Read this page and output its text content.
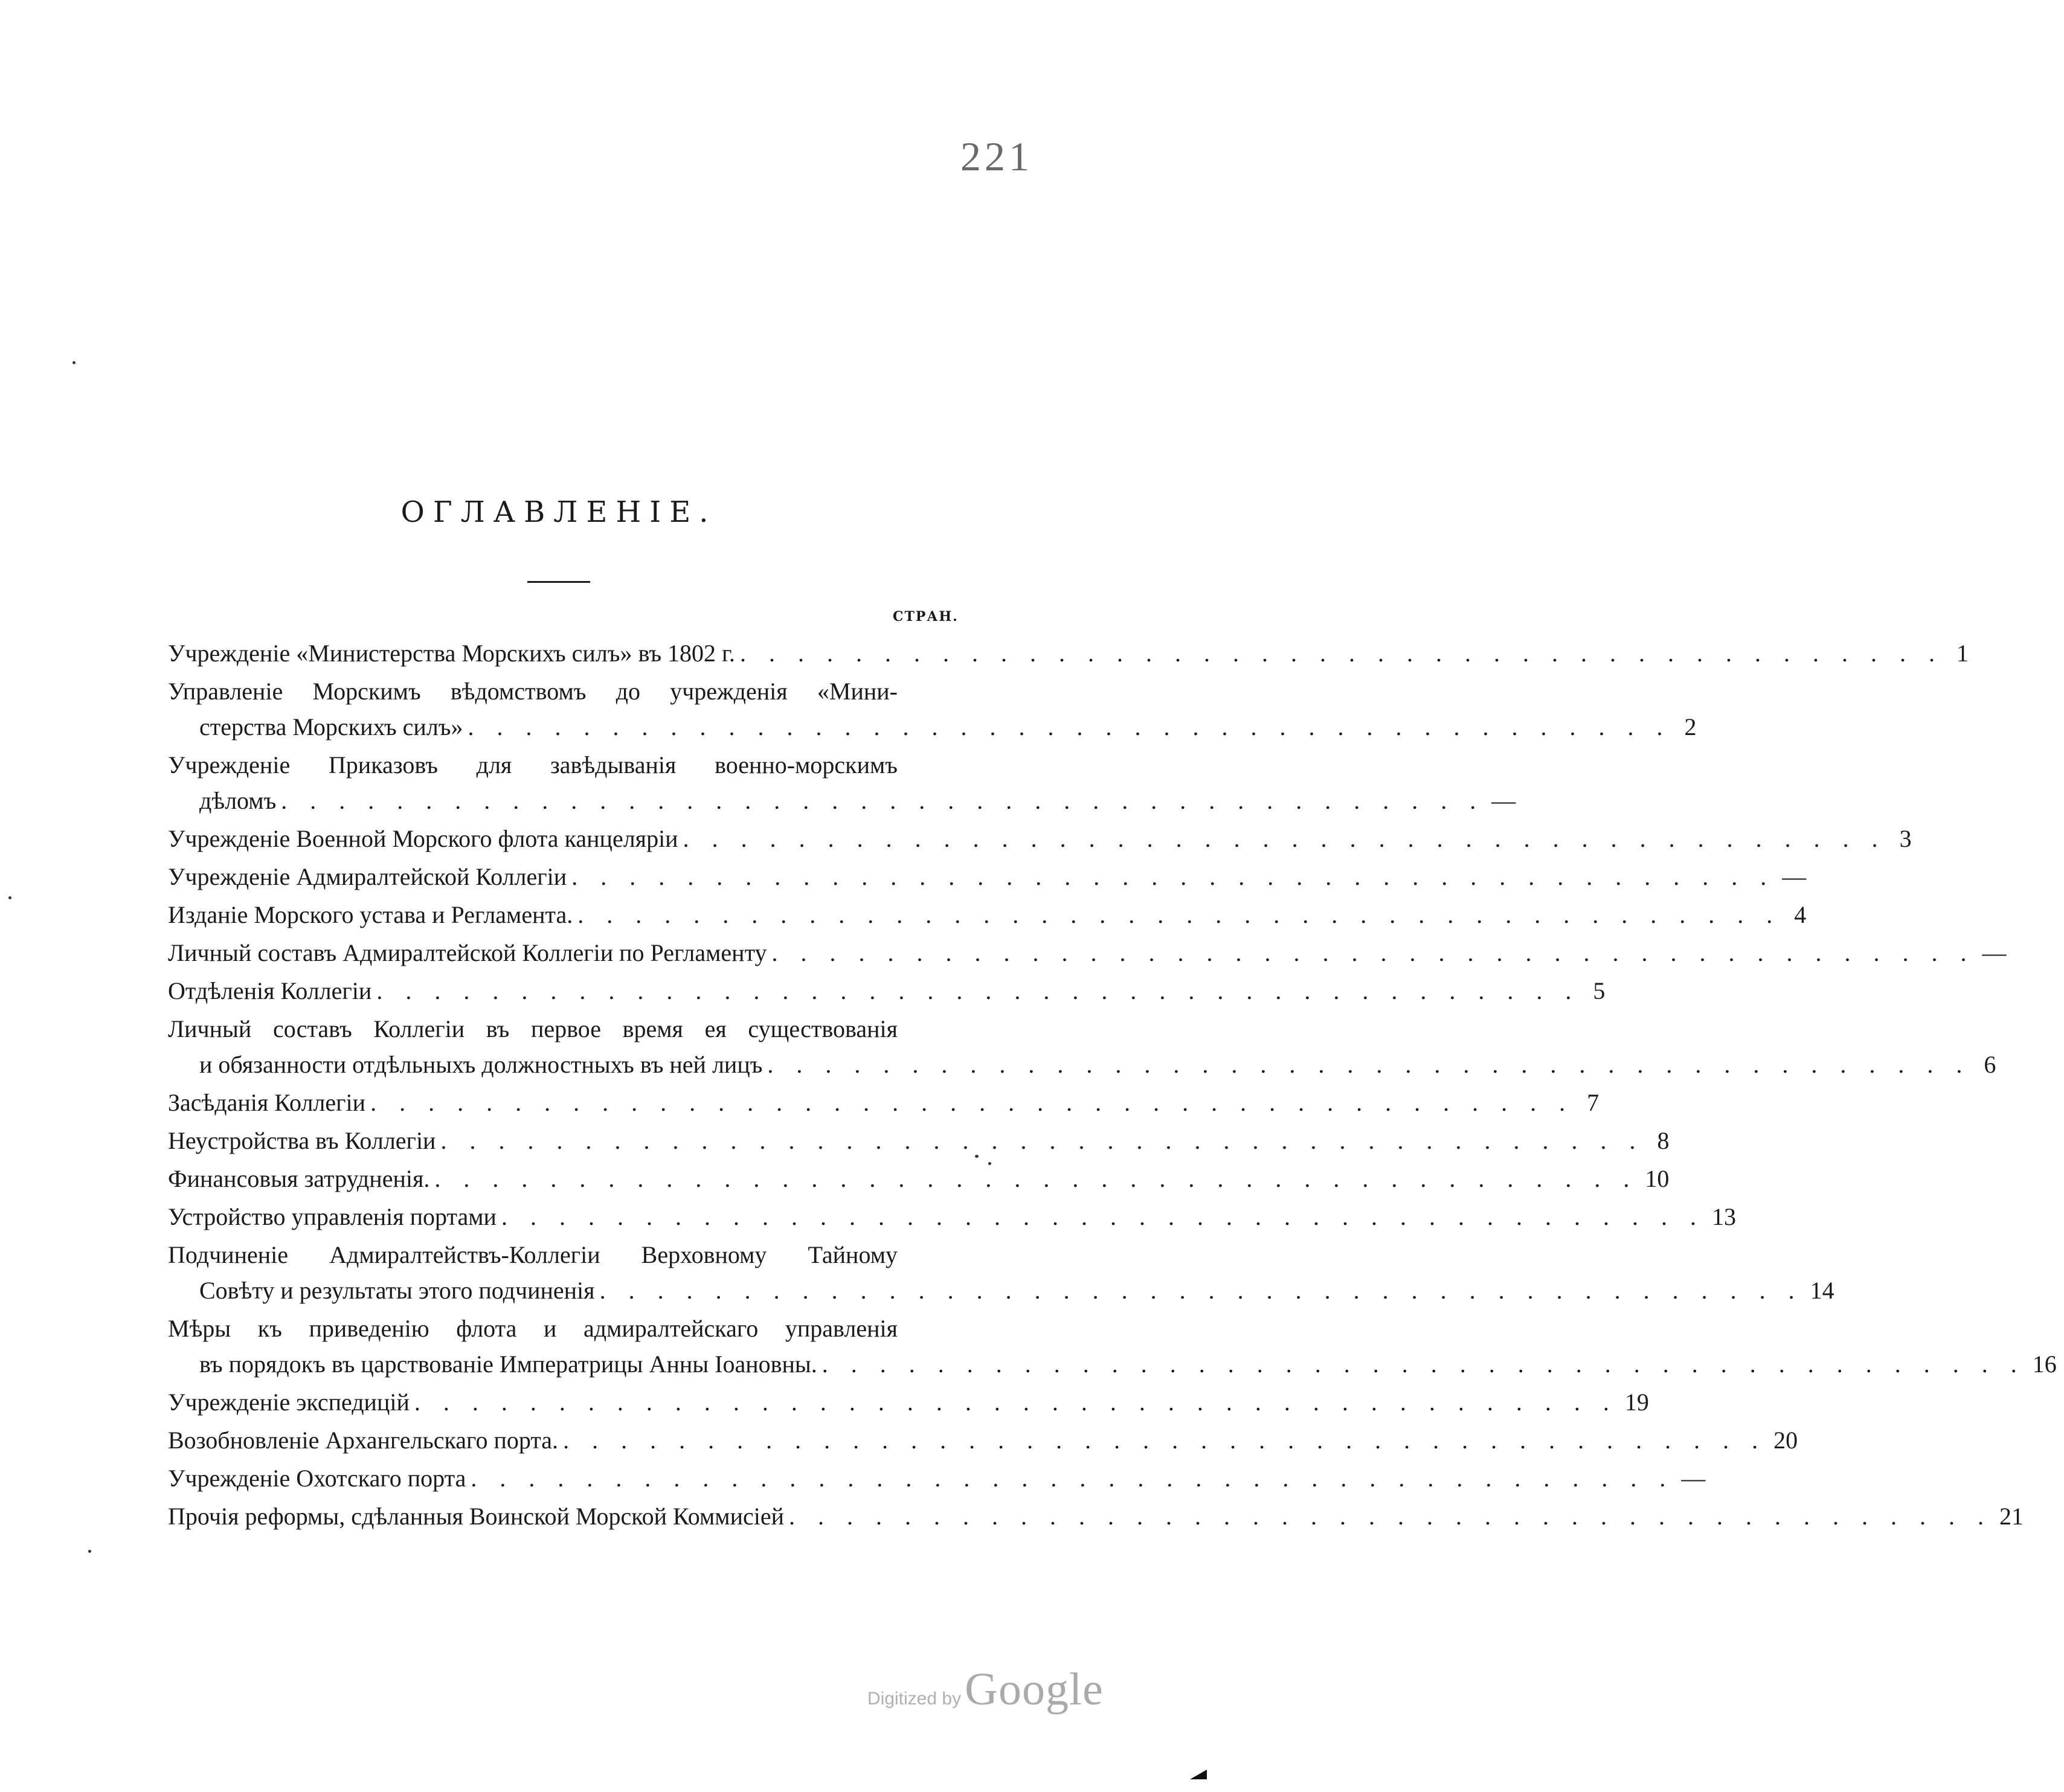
221
ОГЛАВЛЕНIЕ.
СТРАН.
Учрежденiе «Министерства Морскихъ силъ» въ 1802 г. . . . . . . . . . . . . . . . . . . . . . . . . . . . . . . . . . . . . . . . . . . 1
Управленiе Морскимъ вѣдомствомъ до учрежденiя «Мини-
стерства Морскихъ силъ» . . . . . . . . . . . . . . . . . . . . . . . . . . . . . . . . . . . . . . . . . . 2
Учрежденiе Приказовъ для завѣдыванiя военно-морскимъ
дѣломъ . . . . . . . . . . . . . . . . . . . . . . . . . . . . . . . . . . . . . . . . . . —
Учрежденiе Военной Морского флота канцелярiи . . . . . . . . . . . . . . . . . . . . . . . . . . . . . . . . . . . . . . . . . . 3
Учрежденiе Адмиралтейской Коллегiи . . . . . . . . . . . . . . . . . . . . . . . . . . . . . . . . . . . . . . . . . . —
Изданiе Морского устава и Регламента. . . . . . . . . . . . . . . . . . . . . . . . . . . . . . . . . . . . . . . . . . . 4
Личный составъ Адмиралтейской Коллегiи по Регламенту . . . . . . . . . . . . . . . . . . . . . . . . . . . . . . . . . . . . . . . . . . —
Отдѣленiя Коллегiи . . . . . . . . . . . . . . . . . . . . . . . . . . . . . . . . . . . . . . . . . . 5
Личный составъ Коллегiи въ первое время ея существованiя
и обязанности отдѣльныхъ должностныхъ въ ней лицъ . . . . . . . . . . . . . . . . . . . . . . . . . . . . . . . . . . . . . . . . . . 6
Засѣданiя Коллегiи . . . . . . . . . . . . . . . . . . . . . . . . . . . . . . . . . . . . . . . . . . 7
Неустройства въ Коллегiи . . . . . . . . . . . . . . . . . . . . . . . . . . . . . . . . . . . . . . . . . . 8
Финансовыя затрудненiя. . . . . . . . . . . . . . . . . . . . . . . . . . . . . . . . . . . . . . . . . . . 10
Устройство управленiя портами . . . . . . . . . . . . . . . . . . . . . . . . . . . . . . . . . . . . . . . . . . 13
Подчиненiе Адмиралтействъ-Коллегiи Верховному Тайному
Совѣту и результаты этого подчиненiя . . . . . . . . . . . . . . . . . . . . . . . . . . . . . . . . . . . . . . . . . . 14
Мѣры къ приведенiю флота и адмиралтейскаго управленiя
въ порядокъ въ царствованiе Императрицы Анны Iоановны. . . . . . . . . . . . . . . . . . . . . . . . . . . . . . . . . . . . . . . . . . . 16
Учрежденiе экспедицiй . . . . . . . . . . . . . . . . . . . . . . . . . . . . . . . . . . . . . . . . . . 19
Возобновленiе Архангельскаго порта. . . . . . . . . . . . . . . . . . . . . . . . . . . . . . . . . . . . . . . . . . . 20
Учрежденiе Охотскаго порта . . . . . . . . . . . . . . . . . . . . . . . . . . . . . . . . . . . . . . . . . . —
Прочiя реформы, сдѣланныя Воинской Морской Коммисiей . . . . . . . . . . . . . . . . . . . . . . . . . . . . . . . . . . . . . . . . . . 21
Digitized by Google
